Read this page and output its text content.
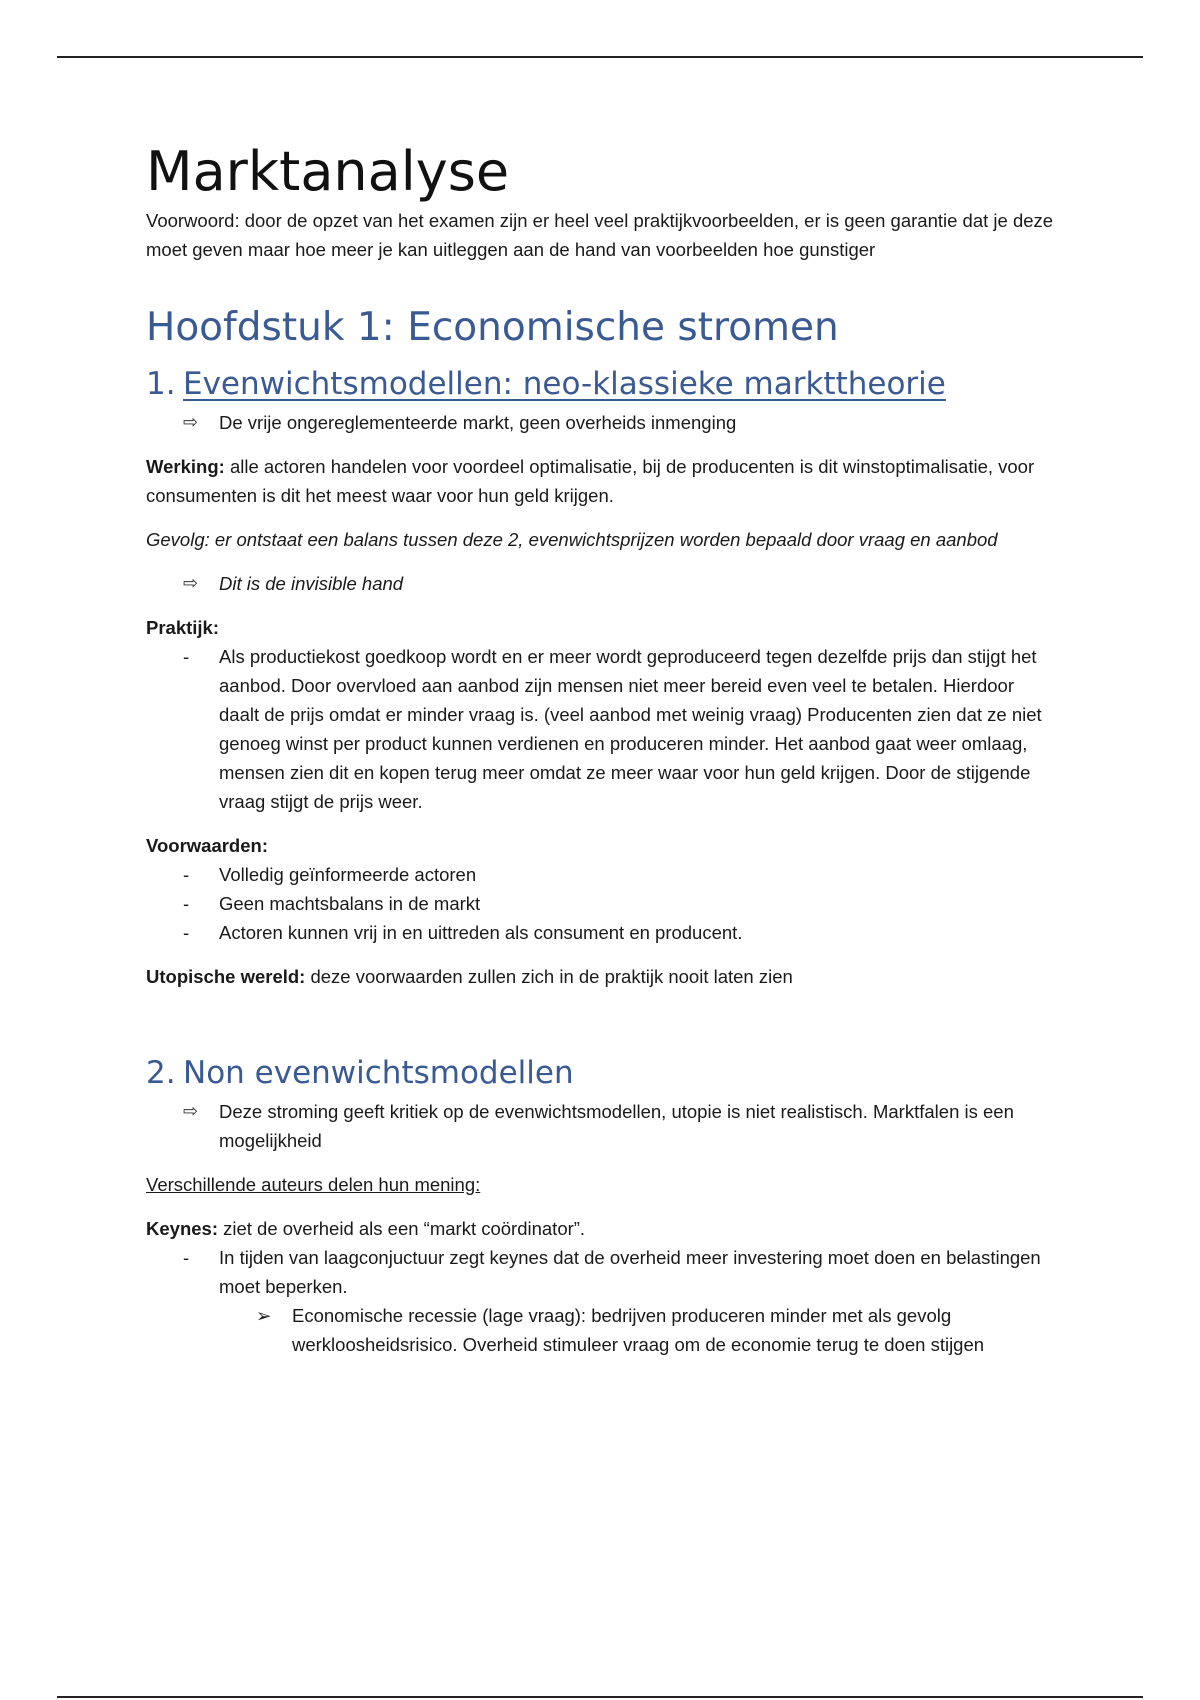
Marktanalyse

Voorwoord: door de opzet van het examen zijn er heel veel praktijkvoorbeelden, er is geen garantie dat je deze moet geven maar hoe meer je kan uitleggen aan de hand van voorbeelden hoe gunstiger

Hoofdstuk 1: Economische stromen
1. Evenwichtsmodellen: neo-klassieke markttheorie
⇨	De vrije ongereglementeerde markt, geen overheids inmenging

Werking: alle actoren handelen voor voordeel optimalisatie, bij de producenten is dit winstoptimalisatie, voor consumenten is dit het meest waar voor hun geld krijgen.

Gevolg: er ontstaat een balans tussen deze 2, evenwichtsprijzen worden bepaald door vraag en aanbod

⇨	Dit is de invisible hand

Praktijk:

-	Als productiekost goedkoop wordt en er meer wordt geproduceerd tegen dezelfde prijs dan stijgt het aanbod. Door overvloed aan aanbod zijn mensen niet meer bereid even veel te betalen. Hierdoor daalt de prijs omdat er minder vraag is. (veel aanbod met weinig vraag) Producenten zien dat ze niet genoeg winst per product kunnen verdienen en produceren minder. Het aanbod gaat weer omlaag, mensen zien dit en kopen terug meer omdat ze meer waar voor hun geld krijgen. Door de stijgende vraag stijgt de prijs weer.

Voorwaarden:

-	Volledig geïnformeerde actoren
-	Geen machtsbalans in de markt
-	Actoren kunnen vrij in en uittreden als consument en producent.

Utopische wereld: deze voorwaarden zullen zich in de praktijk nooit laten zien

2. Non evenwichtsmodellen
⇨	Deze stroming geeft kritiek op de evenwichtsmodellen, utopie is niet realistisch. Marktfalen is een mogelijkheid

Verschillende auteurs delen hun mening:

Keynes: ziet de overheid als een “markt coördinator”.

-	In tijden van laagconjuctuur zegt keynes dat de overheid meer investering moet doen en belastingen moet beperken.
➢	Economische recessie (lage vraag): bedrijven produceren minder met als gevolg werkloosheidsrisico. Overheid stimuleer vraag om de economie terug te doen stijgen
